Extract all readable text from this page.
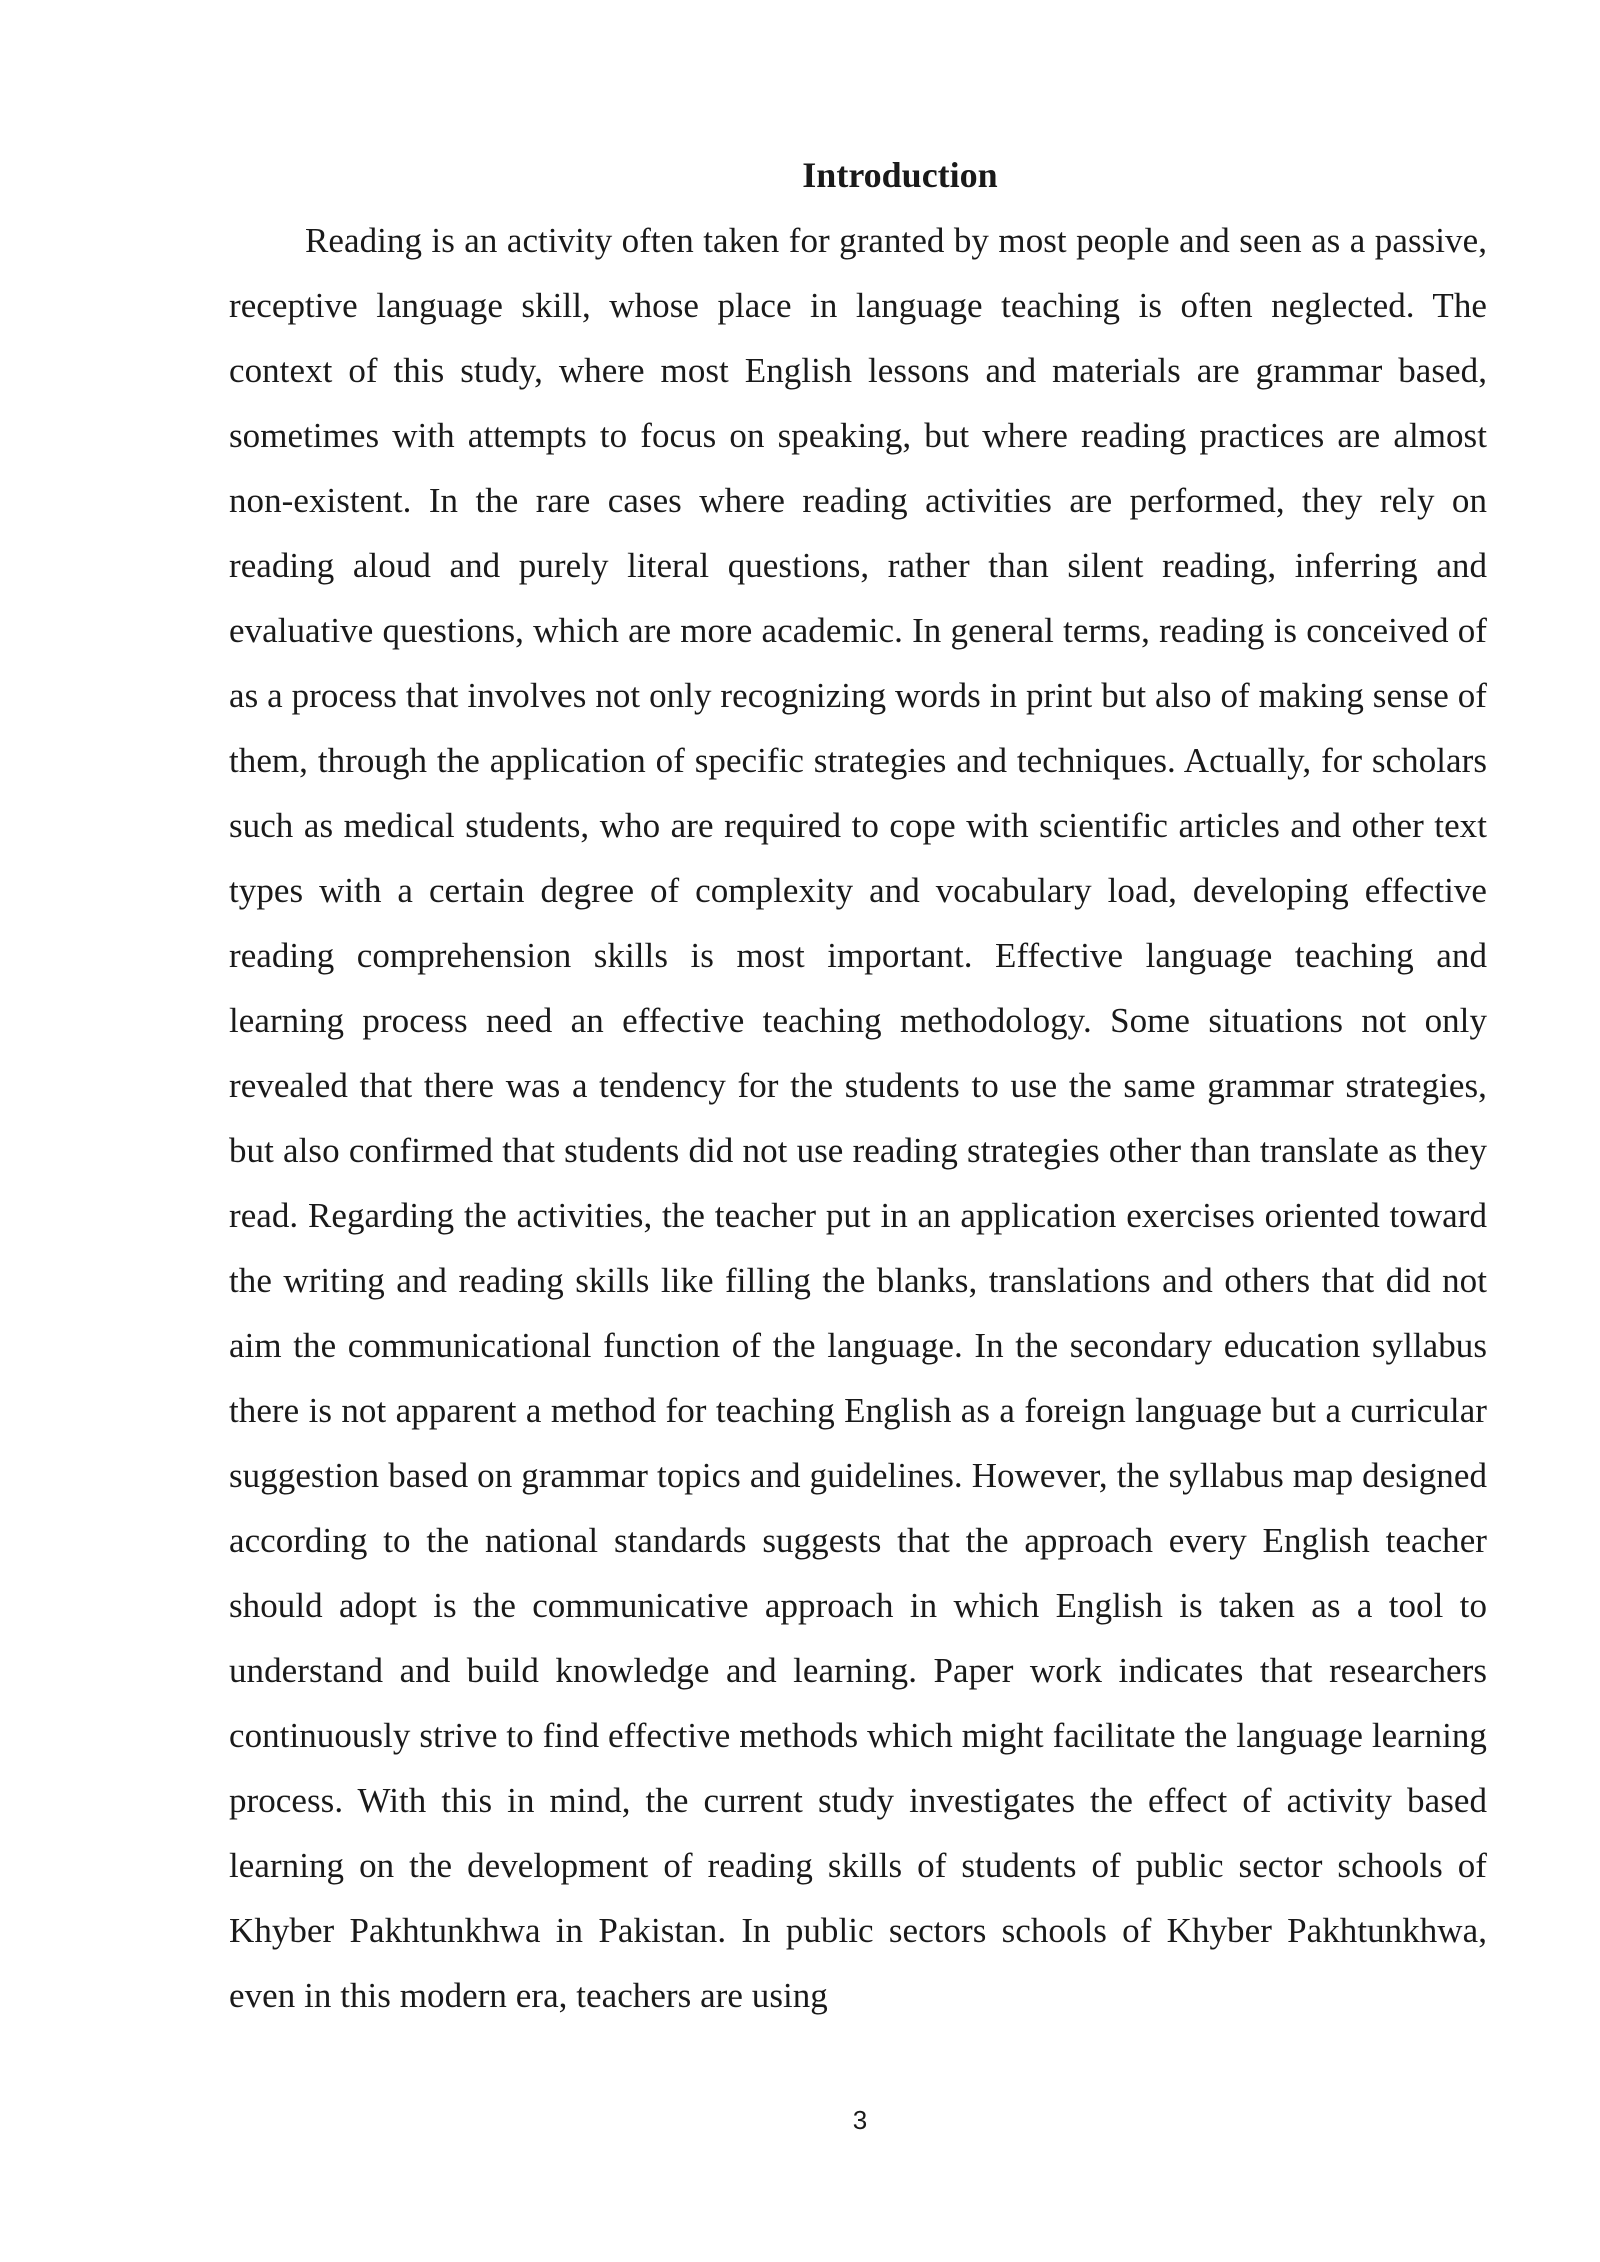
Introduction

Reading is an activity often taken for granted by most people and seen as a passive, receptive language skill, whose place in language teaching is often neglected. The context of this study, where most English lessons and materials are grammar based, sometimes with attempts to focus on speaking, but where reading practices are almost non-existent. In the rare cases where reading activities are performed, they rely on reading aloud and purely literal questions, rather than silent reading, inferring and evaluative questions, which are more academic. In general terms, reading is conceived of as a process that involves not only recognizing words in print but also of making sense of them, through the application of specific strategies and techniques. Actually, for scholars such as medical students, who are required to cope with scientific articles and other text types with a certain degree of complexity and vocabulary load, developing effective reading comprehension skills is most important. Effective language teaching and learning process need an effective teaching methodology. Some situations not only revealed that there was a tendency for the students to use the same grammar strategies, but also confirmed that students did not use reading strategies other than translate as they read. Regarding the activities, the teacher put in an application exercises oriented toward the writing and reading skills like filling the blanks, translations and others that did not aim the communicational function of the language. In the secondary education syllabus there is not apparent a method for teaching English as a foreign language but a curricular suggestion based on grammar topics and guidelines. However, the syllabus map designed according to the national standards suggests that the approach every English teacher should adopt is the communicative approach in which English is taken as a tool to understand and build knowledge and learning. Paper work indicates that researchers continuously strive to find effective methods which might facilitate the language learning process. With this in mind, the current study investigates the effect of activity based learning on the development of reading skills of students of public sector schools of Khyber Pakhtunkhwa in Pakistan. In public sectors schools of Khyber Pakhtunkhwa, even in this modern era, teachers are using

3
